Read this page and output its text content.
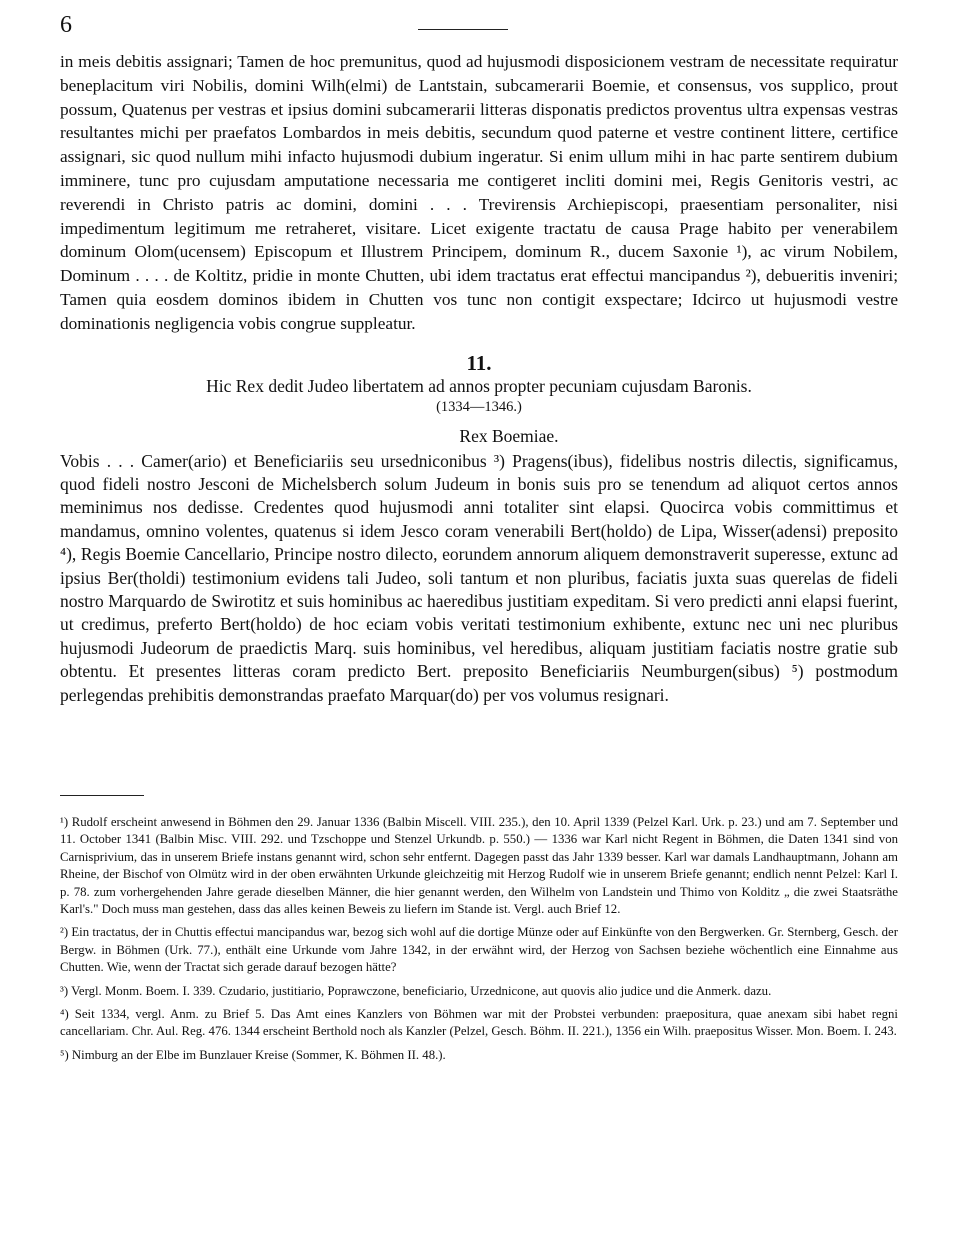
6

in meis debitis assignari; Tamen de hoc premunitus, quod ad hujusmodi disposicionem vestram de necessitate requiratur beneplacitum viri Nobilis, domini Wilh(elmi) de Lantstain, subcamerarii Boemie, et consensus, vos supplico, prout possum, Quatenus per vestras et ipsius domini subcamerarii litteras disponatis predictos proventus ultra expensas vestras resultantes michi per praefatos Lombardos in meis debitis, secundum quod paterne et vestre continent littere, certifice assignari, sic quod nullum mihi infacto hujusmodi dubium ingeratur. Si enim ullum mihi in hac parte sentirem dubium imminere, tunc pro cujusdam amputatione necessaria me contigeret incliti domini mei, Regis Genitoris vestri, ac reverendi in Christo patris ac domini, domini . . . Trevirensis Archiepiscopi, praesentiam personaliter, nisi impedimentum legitimum me retraheret, visitare. Licet exigente tractatu de causa Prage habito per venerabilem dominum Olom(ucensem) Episcopum et Illustrem Principem, dominum R., ducem Saxonie ¹), ac virum Nobilem, Dominum . . . . de Koltitz, pridie in monte Chutten, ubi idem tractatus erat effectui mancipandus ²), debueritis inveniri; Tamen quia eosdem dominos ibidem in Chutten vos tunc non contigit exspectare; Idcirco ut hujusmodi vestre dominationis negligencia vobis congrue suppleatur.

11.
Hic Rex dedit Judeo libertatem ad annos propter pecuniam cujusdam Baronis.
(1334—1346.)
Rex Boemiae.

Vobis . . . Camer(ario) et Beneficiariis seu ursedniconibus ³) Pragens(ibus), fidelibus nostris dilectis, significamus, quod fideli nostro Jesconi de Michelsberch solum Judeum in bonis suis pro se tenendum ad aliquot certos annos meminimus nos dedisse. Credentes quod hujusmodi anni totaliter sint elapsi. Quocirca vobis committimus et mandamus, omnino volentes, quatenus si idem Jesco coram venerabili Bert(holdo) de Lipa, Wisser(adensi) preposito ⁴), Regis Boemie Cancellario, Principe nostro dilecto, eorundem annorum aliquem demonstraverit superesse, extunc ad ipsius Ber(tholdi) testimonium evidens tali Judeo, soli tantum et non pluribus, faciatis juxta suas querelas de fideli nostro Marquardo de Swirotitz et suis hominibus ac haeredibus justitiam expeditam. Si vero predicti anni elapsi fuerint, ut credimus, preferto Bert(holdo) de hoc eciam vobis veritati testimonium exhibente, extunc nec uni nec pluribus hujusmodi Judeorum de praedictis Marq. suis hominibus, vel heredibus, aliquam justitiam faciatis nostre gratie sub obtentu. Et presentes litteras coram predicto Bert. preposito Beneficiariis Neumburgen(sibus) ⁵) postmodum perlegendas prehibitis demonstrandas praefato Marquar(do) per vos volumus resignari.

¹) Rudolf erscheint anwesend in Böhmen den 29. Januar 1336 (Balbin Miscell. VIII. 235.), den 10. April 1339 (Pelzel Karl. Urk. p. 23.) und am 7. September und 11. October 1341 (Balbin Misc. VIII. 292. und Tzschoppe und Stenzel Urkundb. p. 550.) — 1336 war Karl nicht Regent in Böhmen, die Daten 1341 sind von Carnisprivium, das in unserem Briefe instans genannt wird, schon sehr entfernt. Dagegen passt das Jahr 1339 besser. Karl war damals Landhauptmann, Johann am Rheine, der Bischof von Olmütz wird in der oben erwähnten Urkunde gleichzeitig mit Herzog Rudolf wie in unserem Briefe genannt; endlich nennt Pelzel: Karl I. p. 78. zum vorhergehenden Jahre gerade dieselben Männer, die hier genannt werden, den Wilhelm von Landstein und Thimo von Kolditz „ die zwei Staatsräthe Karl's." Doch muss man gestehen, dass das alles keinen Beweis zu liefern im Stande ist. Vergl. auch Brief 12.

²) Ein tractatus, der in Chuttis effectui mancipandus war, bezog sich wohl auf die dortige Münze oder auf Einkünfte von den Bergwerken. Gr. Sternberg, Gesch. der Bergw. in Böhmen (Urk. 77.), enthält eine Urkunde vom Jahre 1342, in der erwähnt wird, der Herzog von Sachsen beziehe wöchentlich eine Einnahme aus Chutten. Wie, wenn der Tractat sich gerade darauf bezogen hätte?

³) Vergl. Monm. Boem. I. 339. Czudario, justitiario, Poprawczone, beneficiario, Urzednicone, aut quovis alio judice und die Anmerk. dazu.

⁴) Seit 1334, vergl. Anm. zu Brief 5. Das Amt eines Kanzlers von Böhmen war mit der Probstei verbunden: praepositura, quae anexam sibi habet regni cancellariam. Chr. Aul. Reg. 476. 1344 erscheint Berthold noch als Kanzler (Pelzel, Gesch. Böhm. II. 221.), 1356 ein Wilh. praepositus Wisser. Mon. Boem. I. 243.

⁵) Nimburg an der Elbe im Bunzlauer Kreise (Sommer, K. Böhmen II. 48.).
